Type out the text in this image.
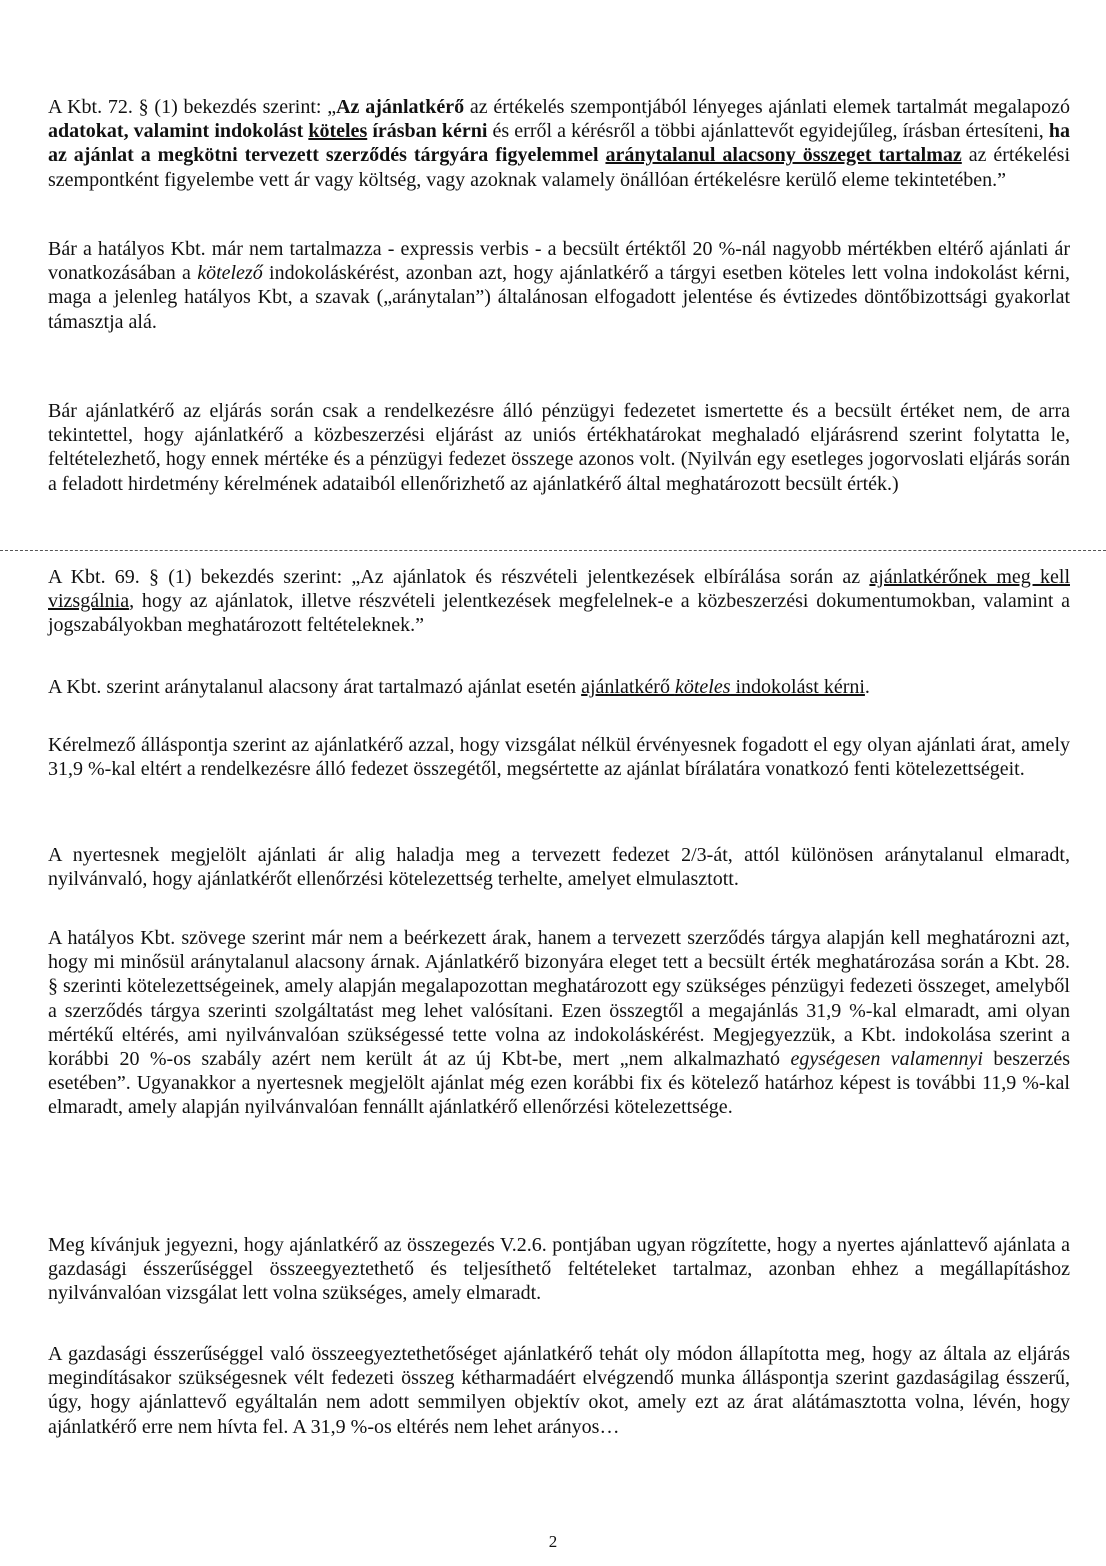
A Kbt. 72. § (1) bekezdés szerint: „Az ajánlatkérő az értékelés szempontjából lényeges ajánlati elemek tartalmát megalapozó adatokat, valamint indokolást köteles írásban kérni és erről a kérésről a többi ajánlattevőt egyidejűleg, írásban értesíteni, ha az ajánlat a megkötni tervezett szerződés tárgyára figyelemmel aránytalanul alacsony összeget tartalmaz az értékelési szempontként figyelembe vett ár vagy költség, vagy azoknak valamely önállóan értékelésre kerülő eleme tekintetében.”

Bár a hatályos Kbt. már nem tartalmazza - expressis verbis - a becsült értéktől 20 %-nál nagyobb mértékben eltérő ajánlati ár vonatkozásában a kötelező indokoláskérést, azonban azt, hogy ajánlatkérő a tárgyi esetben köteles lett volna indokolást kérni, maga a jelenleg hatályos Kbt, a szavak („aránytalan”) általánosan elfogadott jelentése és évtizedes döntőbizottsági gyakorlat támasztja alá.

Bár ajánlatkérő az eljárás során csak a rendelkezésre álló pénzügyi fedezetet ismertette és a becsült értéket nem, de arra tekintettel, hogy ajánlatkérő a közbeszerzési eljárást az uniós értékhatárokat meghaladó eljárásrend szerint folytatta le, feltételezhető, hogy ennek mértéke és a pénzügyi fedezet összege azonos volt. (Nyilván egy esetleges jogorvoslati eljárás során a feladott hirdetmény kérelmének adataiból ellenőrizhető az ajánlatkérő által meghatározott becsült érték.)

A Kbt. 69. § (1) bekezdés szerint: „Az ajánlatok és részvételi jelentkezések elbírálása során az ajánlatkérőnek meg kell vizsgálnia, hogy az ajánlatok, illetve részvételi jelentkezések megfelelnek-e a közbeszerzési dokumentumokban, valamint a jogszabályokban meghatározott feltételeknek.”

A Kbt. szerint aránytalanul alacsony árat tartalmazó ajánlat esetén ajánlatkérő köteles indokolást kérni.

Kérelmező álláspontja szerint az ajánlatkérő azzal, hogy vizsgálat nélkül érvényesnek fogadott el egy olyan ajánlati árat, amely 31,9 %-kal eltért a rendelkezésre álló fedezet összegétől, megsértette az ajánlat bírálatára vonatkozó fenti kötelezettségeit.

A nyertesnek megjelölt ajánlati ár alig haladja meg a tervezett fedezet 2/3-át, attól különösen aránytalanul elmaradt, nyilvánvaló, hogy ajánlatkérőt ellenőrzési kötelezettség terhelte, amelyet elmulasztott.

A hatályos Kbt. szövege szerint már nem a beérkezett árak, hanem a tervezett szerződés tárgya alapján kell meghatározni azt, hogy mi minősül aránytalanul alacsony árnak. Ajánlatkérő bizonyára eleget tett a becsült érték meghatározása során a Kbt. 28. § szerinti kötelezettségeinek, amely alapján megalapozottan meghatározott egy szükséges pénzügyi fedezeti összeget, amelyből a szerződés tárgya szerinti szolgáltatást meg lehet valósítani. Ezen összegtől a megajánlás 31,9 %-kal elmaradt, ami olyan mértékű eltérés, ami nyilvánvalóan szükségessé tette volna az indokoláskérést. Megjegyezzük, a Kbt. indokolása szerint a korábbi 20 %-os szabály azért nem került át az új Kbt-be, mert „nem alkalmazható egységesen valamennyi beszerzés esetében”. Ugyanakkor a nyertesnek megjelölt ajánlat még ezen korábbi fix és kötelező határhoz képest is további 11,9 %-kal elmaradt, amely alapján nyilvánvalóan fennállt ajánlatkérő ellenőrzési kötelezettsége.

Meg kívánjuk jegyezni, hogy ajánlatkérő az összegezés V.2.6. pontjában ugyan rögzítette, hogy a nyertes ajánlattevő ajánlata a gazdasági ésszerűséggel összeegyeztethető és teljesíthető feltételeket tartalmaz, azonban ehhez a megállapításhoz nyilvánvalóan vizsgálat lett volna szükséges, amely elmaradt.

A gazdasági ésszerűséggel való összeegyeztethetőséget ajánlatkérő tehát oly módon állapította meg, hogy az általa az eljárás megindításakor szükségesnek vélt fedezeti összeg kétharmadáért elvégzendő munka álláspontja szerint gazdaságilag ésszerű, úgy, hogy ajánlattevő egyáltalán nem adott semmilyen objektív okot, amely ezt az árat alátámasztotta volna, lévén, hogy ajánlatkérő erre nem hívta fel. A 31,9 %-os eltérés nem lehet arányos…

2
